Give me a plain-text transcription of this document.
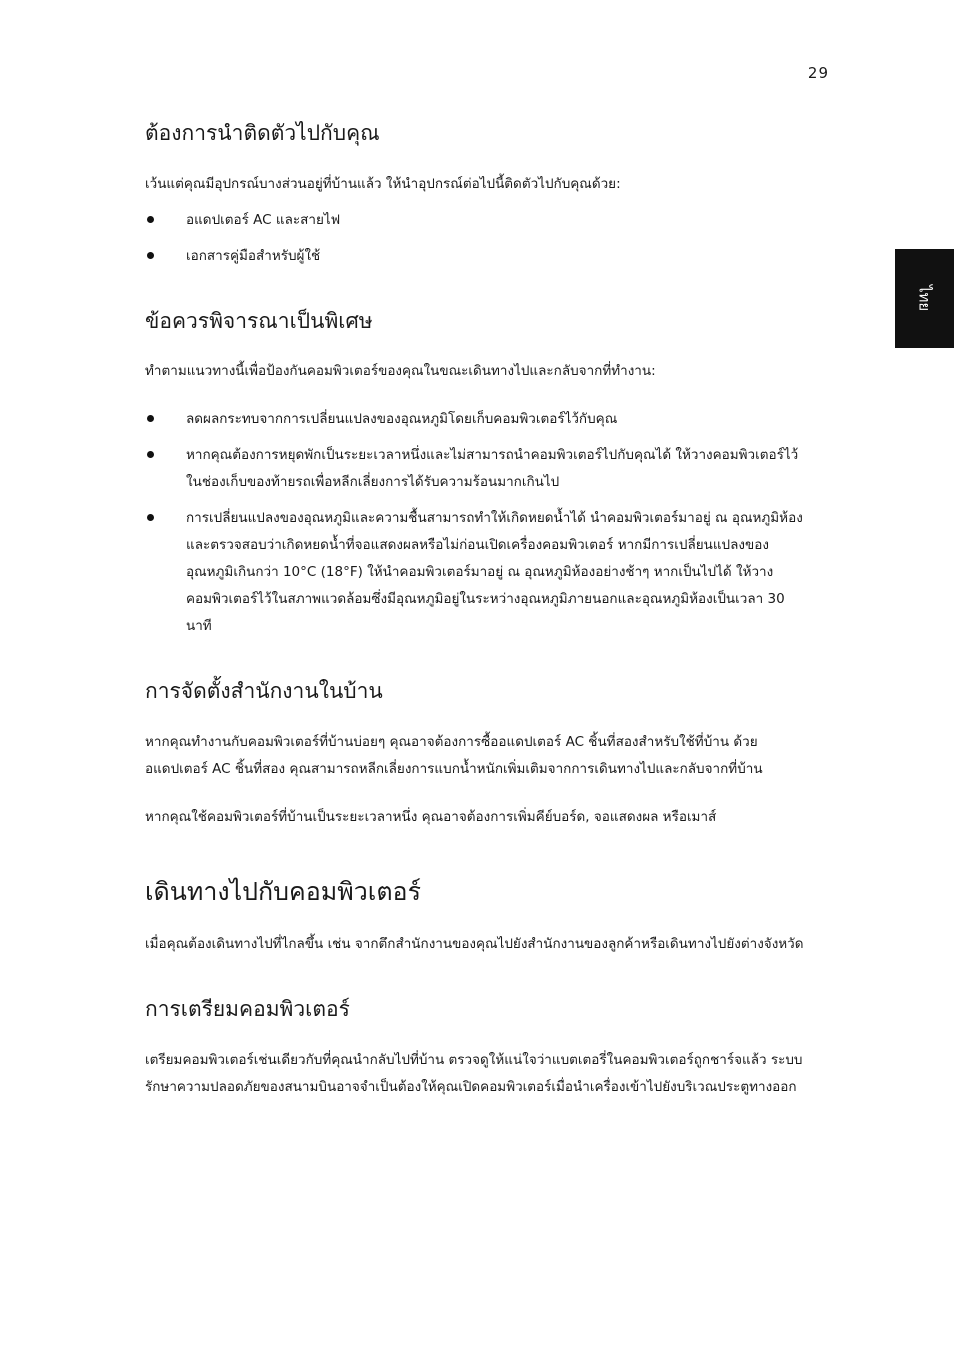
29

ไทย
ต้องการนำติดตัวไปกับคุณ

เว้นแต่คุณมีอุปกรณ์บางส่วนอยู่ที่บ้านแล้ว ให้นำอุปกรณ์ต่อไปนี้ติดตัวไปกับคุณด้วย:

อแดปเตอร์ AC และสายไฟ
เอกสารคู่มือสำหรับผู้ใช้
ข้อควรพิจารณาเป็นพิเศษ

ทำตามแนวทางนี้เพื่อป้องกันคอมพิวเตอร์ของคุณในขณะเดินทางไปและกลับจากที่ทำงาน:

ลดผลกระทบจากการเปลี่ยนแปลงของอุณหภูมิโดยเก็บคอมพิวเตอร์ไว้กับคุณ
หากคุณต้องการหยุดพักเป็นระยะเวลาหนึ่งและไม่สามารถนำคอมพิวเตอร์ไปกับคุณได้ ให้วางคอมพิวเตอร์ไว้ในช่องเก็บของท้ายรถเพื่อหลีกเลี่ยงการได้รับความร้อนมากเกินไป
การเปลี่ยนแปลงของอุณหภูมิและความชื้นสามารถทำให้เกิดหยดน้ำได้ นำคอมพิวเตอร์มาอยู่ ณ อุณหภูมิห้องและตรวจสอบว่าเกิดหยดน้ำที่จอแสดงผลหรือไม่ก่อนเปิดเครื่องคอมพิวเตอร์ หากมีการเปลี่ยนแปลงของอุณหภูมิเกินกว่า 10°C (18°F) ให้นำคอมพิวเตอร์มาอยู่ ณ อุณหภูมิห้องอย่างช้าๆ หากเป็นไปได้ ให้วางคอมพิวเตอร์ไว้ในสภาพแวดล้อมซึ่งมีอุณหภูมิอยู่ในระหว่างอุณหภูมิภายนอกและอุณหภูมิห้องเป็นเวลา 30 นาที
การจัดตั้งสำนักงานในบ้าน

หากคุณทำงานกับคอมพิวเตอร์ที่บ้านบ่อยๆ คุณอาจต้องการซื้ออแดปเตอร์ AC ชิ้นที่สองสำหรับใช้ที่บ้าน ด้วยอแดปเตอร์ AC ชิ้นที่สอง คุณสามารถหลีกเลี่ยงการแบกน้ำหนักเพิ่มเติมจากการเดินทางไปและกลับจากที่บ้าน

หากคุณใช้คอมพิวเตอร์ที่บ้านเป็นระยะเวลาหนึ่ง คุณอาจต้องการเพิ่มคีย์บอร์ด, จอแสดงผล หรือเมาส์

เดินทางไปกับคอมพิวเตอร์

เมื่อคุณต้องเดินทางไปที่ไกลขึ้น เช่น จากตึกสำนักงานของคุณไปยังสำนักงานของลูกค้าหรือเดินทางไปยังต่างจังหวัด

การเตรียมคอมพิวเตอร์

เตรียมคอมพิวเตอร์เช่นเดียวกับที่คุณนำกลับไปที่บ้าน ตรวจดูให้แน่ใจว่าแบตเตอรี่ในคอมพิวเตอร์ถูกชาร์จแล้ว ระบบรักษาความปลอดภัยของสนามบินอาจจำเป็นต้องให้คุณเปิดคอมพิวเตอร์เมื่อนำเครื่องเข้าไปยังบริเวณประตูทางออก
